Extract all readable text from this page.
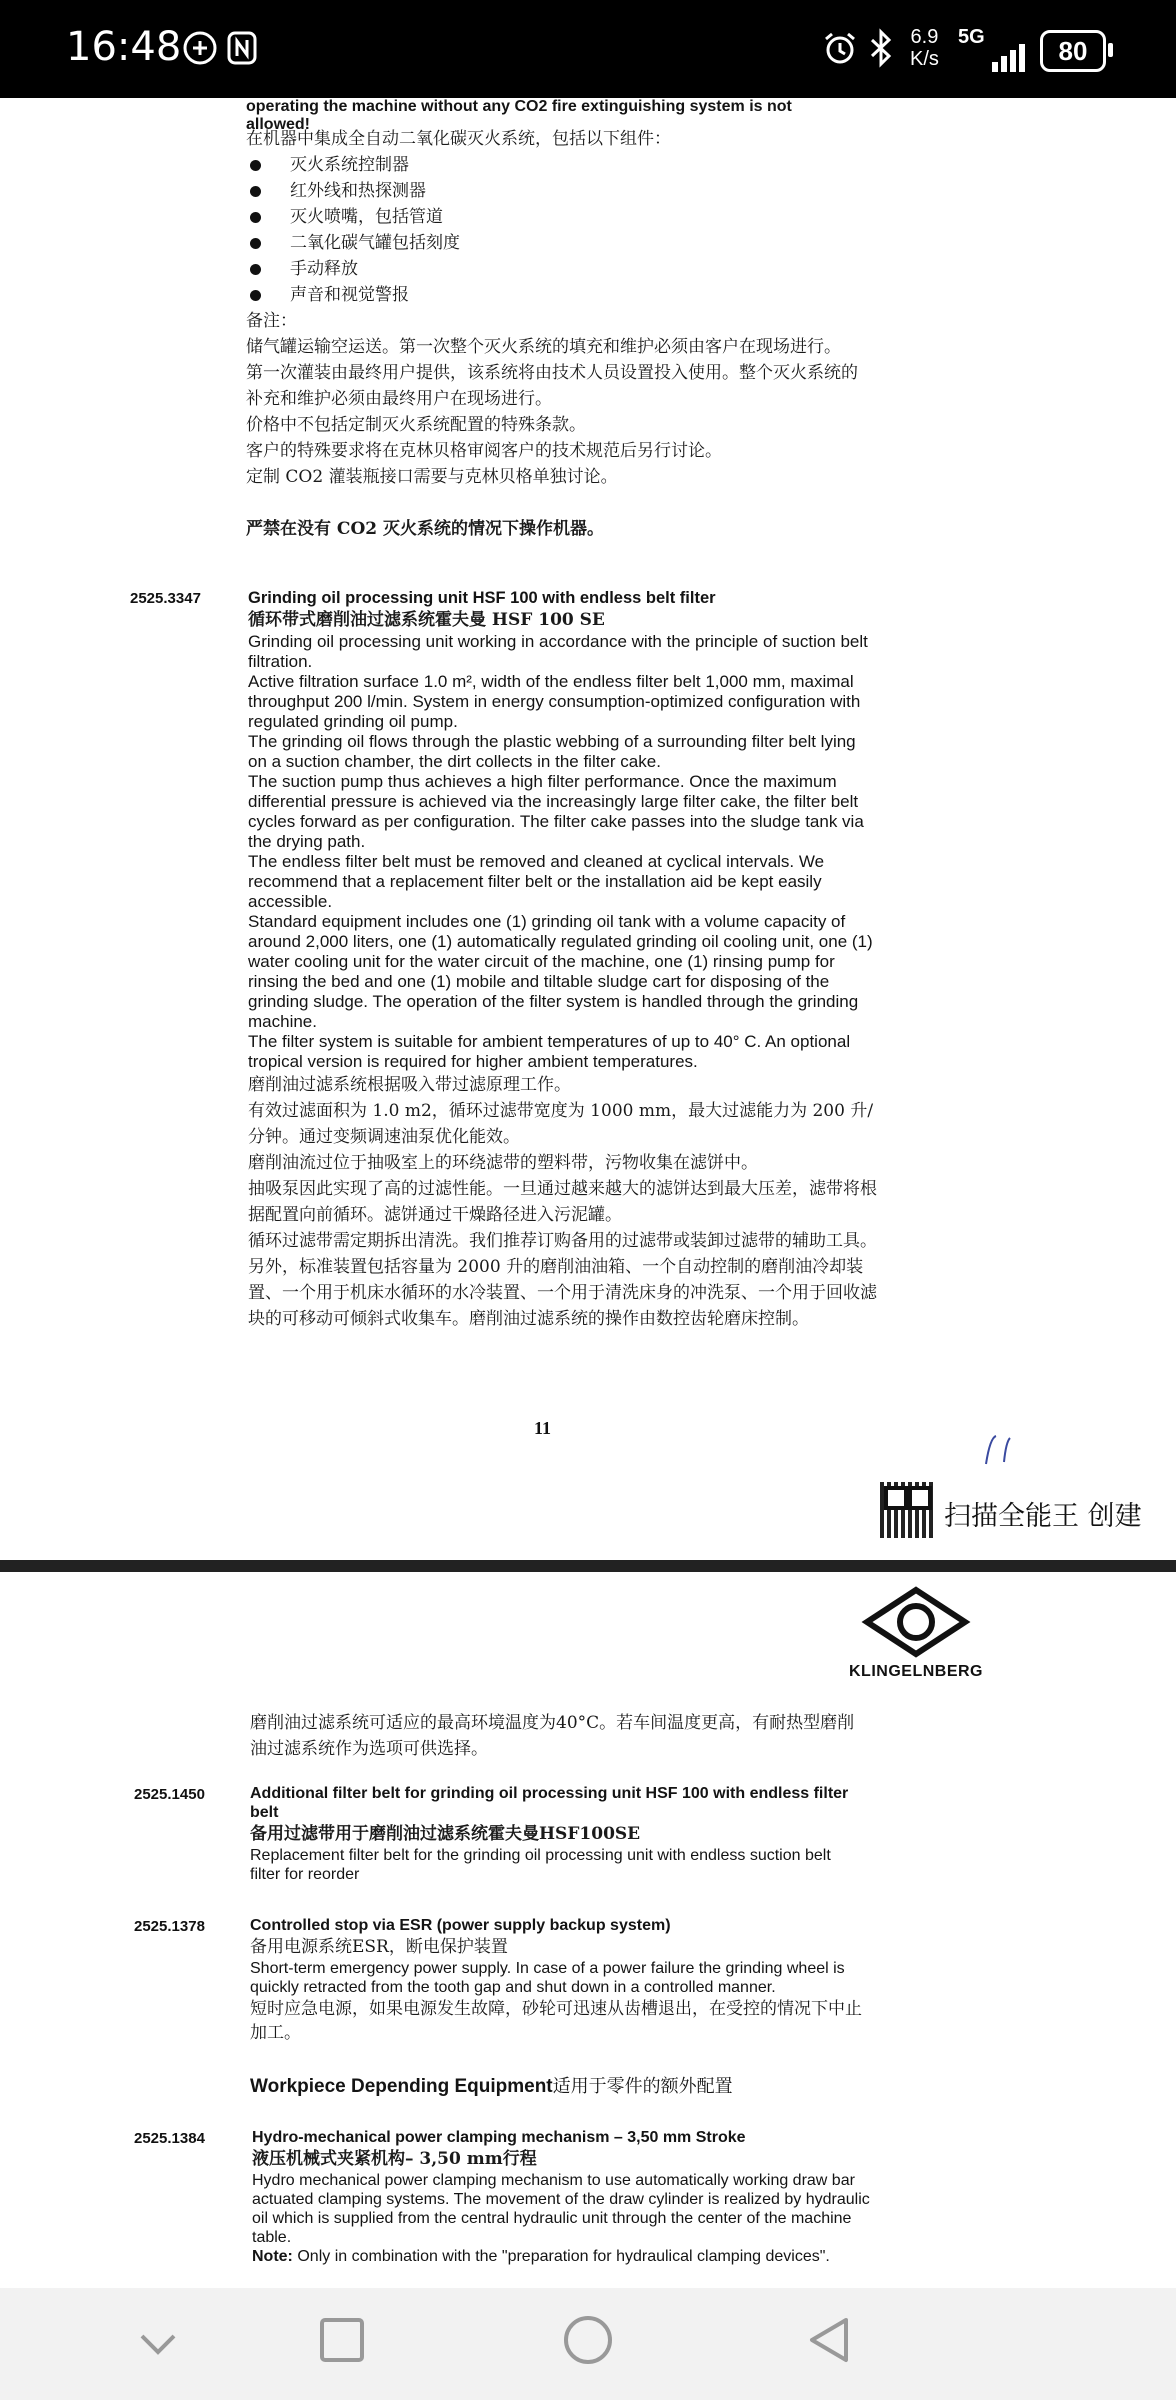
16:48	6.9
K/s
5G	80
operating the machine without any CO2 fire extinguishing system is not allowed!

在机器中集成全自动二氧化碳灭火系统，包括以下组件：

灭火系统控制器
红外线和热探测器
灭火喷嘴，包括管道
二氧化碳气罐包括刻度
手动释放
声音和视觉警报

备注：

储气罐运输空运送。第一次整个灭火系统的填充和维护必须由客户在现场进行。

第一次灌装由最终用户提供，该系统将由技术人员设置投入使用。整个灭火系统的补充和维护必须由最终用户在现场进行。

价格中不包括定制灭火系统配置的特殊条款。

客户的特殊要求将在克林贝格审阅客户的技术规范后另行讨论。

定制 CO2 灌装瓶接口需要与克林贝格单独讨论。

严禁在没有 CO2 灭火系统的情况下操作机器。

2525.3347	Grinding oil processing unit HSF 100 with endless belt filter

循环带式磨削油过滤系统霍夫曼 HSF 100 SE

Grinding oil processing unit working in accordance with the principle of suction belt filtration.

Active filtration surface 1.0 m², width of the endless filter belt 1,000 mm, maximal throughput 200 l/min. System in energy consumption-optimized configuration with regulated grinding oil pump.

The grinding oil flows through the plastic webbing of a surrounding filter belt lying on a suction chamber, the dirt collects in the filter cake.

The suction pump thus achieves a high filter performance. Once the maximum differential pressure is achieved via the increasingly large filter cake, the filter belt cycles forward as per configuration. The filter cake passes into the sludge tank via the drying path.

The endless filter belt must be removed and cleaned at cyclical intervals. We recommend that a replacement filter belt or the installation aid be kept easily accessible.

Standard equipment includes one (1) grinding oil tank with a volume capacity of around 2,000 liters, one (1) automatically regulated grinding oil cooling unit, one (1) water cooling unit for the water circuit of the machine, one (1) rinsing pump for rinsing the bed and one (1) mobile and tiltable sludge cart for disposing of the grinding sludge. The operation of the filter system is handled through the grinding machine.

The filter system is suitable for ambient temperatures of up to 40° C. An optional tropical version is required for higher ambient temperatures.

磨削油过滤系统根据吸入带过滤原理工作。

有效过滤面积为 1.0 m2，循环过滤带宽度为 1000 mm，最大过滤能力为 200 升/分钟。通过变频调速油泵优化能效。

磨削油流过位于抽吸室上的环绕滤带的塑料带，污物收集在滤饼中。

抽吸泵因此实现了高的过滤性能。一旦通过越来越大的滤饼达到最大压差，滤带将根据配置向前循环。滤饼通过干燥路径进入污泥罐。

循环过滤带需定期拆出清洗。我们推荐订购备用的过滤带或装卸过滤带的辅助工具。

另外，标准装置包括容量为 2000 升的磨削油油箱、一个自动控制的磨削油冷却装置、一个用于机床水循环的水冷装置、一个用于清洗床身的冲洗泵、一个用于回收滤块的可移动可倾斜式收集车。磨削油过滤系统的操作由数控齿轮磨床控制。

11
扫描全能王 创建
KLINGELNBERG
磨削油过滤系统可适应的最高环境温度为40°C。若车间温度更高，有耐热型磨削油过滤系统作为选项可供选择。
2525.1450	Additional filter belt for grinding oil processing unit HSF 100 with endless filter belt

备用过滤带用于磨削油过滤系统霍夫曼HSF100SE

Replacement filter belt for the grinding oil processing unit with endless suction belt filter for reorder

2525.1378	Controlled stop via ESR (power supply backup system)

备用电源系统ESR，断电保护装置

Short-term emergency power supply. In case of a power failure the grinding wheel is quickly retracted from the tooth gap and shut down in a controlled manner.

短时应急电源，如果电源发生故障，砂轮可迅速从齿槽退出，在受控的情况下中止加工。

Workpiece Depending Equipment适用于零件的额外配置
2525.1384	Hydro-mechanical power clamping mechanism – 3,50 mm Stroke

液压机械式夹紧机构– 3,50 mm行程

Hydro mechanical power clamping mechanism to use automatically working draw bar actuated clamping systems. The movement of the draw cylinder is realized by hydraulic oil which is supplied from the central hydraulic unit through the center of the machine table.

Note: Only in combination with the "preparation for hydraulical clamping devices".
